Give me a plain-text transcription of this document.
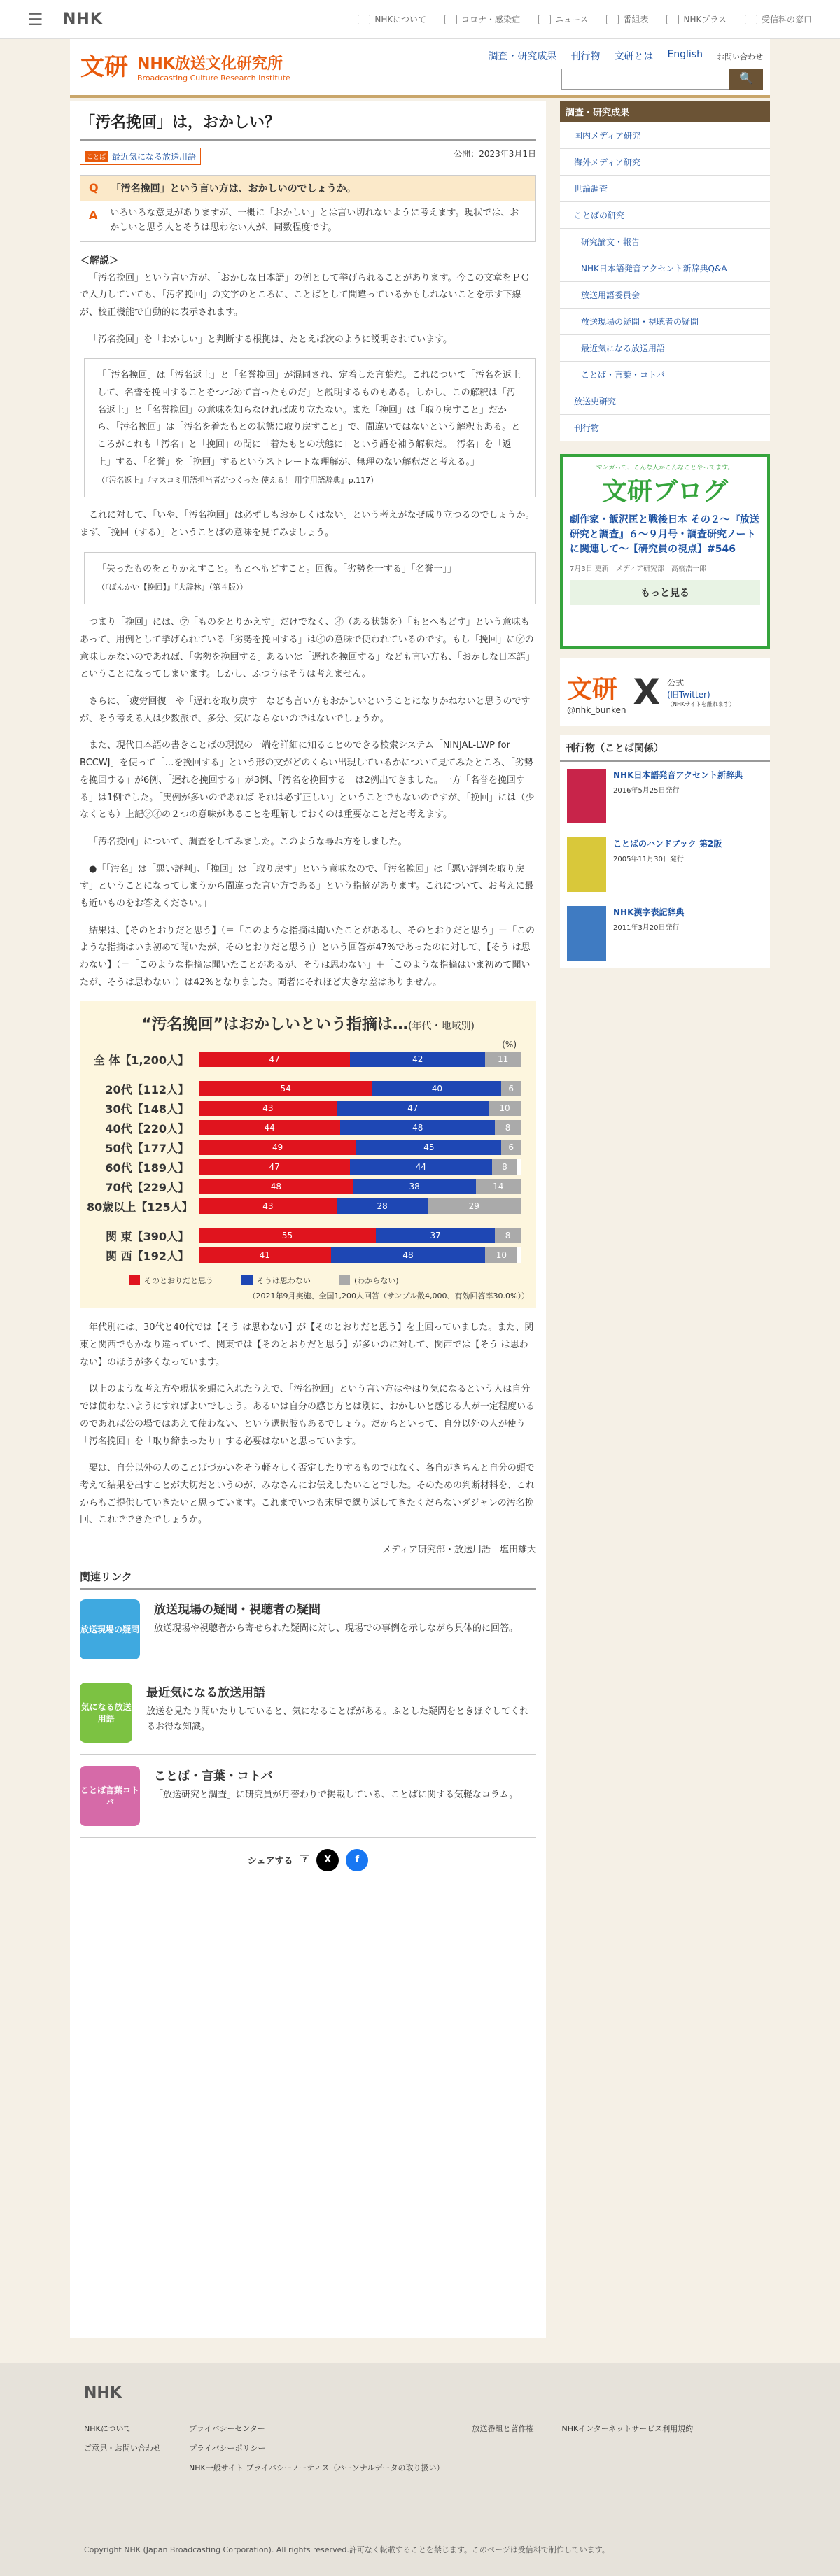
☰	NHK	NHKについて	コロナ・感染症	ニュース	番組表	NHKプラス	受信料の窓口
文研 NHK放送文化研究所
Broadcasting Culture Research Institute
調査・研究成果 刊行物 文研とは English お問い合わせ
🔍
「汚名挽回」は，おかしい？
ことば 最近気になる放送用語	公開：2023年3月1日
Q 「汚名挽回」という言い方は、おかしいのでしょうか。
A いろいろな意見がありますが、一概に「おかしい」とは言い切れないように考えます。現状では、おかしいと思う人とそうは思わない人が、同数程度です。
＜解説＞

「汚名挽回」という言い方が、「おかしな日本語」の例として挙げられることがあります。今この文章をＰＣで入力していても、「汚名挽回」の文字のところに、ことばとして間違っているかもしれないことを示す下線が、校正機能で自動的に表示されます。

「汚名挽回」を「おかしい」と判断する根拠は、たとえば次のように説明されています。

「「汚名挽回」は「汚名返上」と「名誉挽回」が混同され、定着した言葉だ。これについて「汚名を返上して、名誉を挽回することをつづめて言ったものだ」と説明するものもある。しかし、この解釈は「汚名返上」と「名誉挽回」の意味を知らなければ成り立たない。また「挽回」は「取り戻すこと」だから、「汚名挽回」は「汚名を着たもとの状態に取り戻すこと」で、間違いではないという解釈もある。ところがこれも「汚名」と「挽回」の間に「着たもとの状態に」という語を補う解釈だ。「汚名」を「返上」する、「名誉」を「挽回」するというストレートな理解が、無理のない解釈だと考える。」
（『汚名返上』『マスコミ用語担当者がつくった 使える！ 用字用語辞典』p.117）

これに対して、「いや、「汚名挽回」は必ずしもおかしくはない」という考えがなぜ成り立つるのでしょうか。まず、「挽回（する）」ということばの意味を見てみましょう。

「失ったものをとりかえすこと。もとへもどすこと。回復。「劣勢を一する」「名誉一」」
（『ばんかい【挽回】』『大辞林』（第４版））

つまり「挽回」には、㋐「ものをとりかえす」だけでなく、㋑（ある状態を）「もとへもどす」という意味もあって、用例として挙げられている「劣勢を挽回する」は㋑の意味で使われているのです。もし「挽回」に㋐の意味しかないのであれば、「劣勢を挽回する」あるいは「遅れを挽回する」なども言い方も、「おかしな日本語」ということになってしまいます。しかし、ふつうはそうは考えません。

さらに、「疲労回復」や「遅れを取り戻す」なども言い方もおかしいということになりかねないと思うのですが、そう考える人は少数派で、多分、気にならないのではないでしょうか。

また、現代日本語の書きことばの現況の一端を詳細に知ることのできる検索システム「NINJAL-LWP for BCCWJ」を使って「…を挽回する」という形の文がどのくらい出現しているかについて見てみたところ、「劣勢を挽回する」が6例、「遅れを挽回する」が3例、「汚名を挽回する」は2例出てきました。一方「名誉を挽回する」は1例でした。「実例が多いのであれば それは必ず正しい」ということでもないのですが、「挽回」には（少なくとも）上記㋐㋑の２つの意味があることを理解しておくのは重要なことだと考えます。

「汚名挽回」について、調査をしてみました。このような尋ね方をしました。

●「「汚名」は「悪い評判」、「挽回」は「取り戻す」という意味なので、「汚名挽回」は「悪い評判を取り戻す」ということになってしまうから間違った言い方である」という指摘があります。これについて、お考えに最も近いものをお答えください。」

結果は、【そのとおりだと思う】（＝「このような指摘は聞いたことがあるし、そのとおりだと思う」＋「このような指摘はいま初めて聞いたが、そのとおりだと思う」）という回答が47%であったのに対して、【そう は思わない】（＝「このような指摘は聞いたことがあるが、そうは思わない」＋「このような指摘はいま初めて聞いたが、そうは思わない」）は42%となりました。両者にそれほど大きな差はありません。

“汚名挽回”はおかしいという指摘は…(年代・地域別)
(%)
全 体【1,200人】	47	42	11
20代【112人】	54	40	6
30代【148人】	43	47	10
40代【220人】	44	48	8
50代【177人】	49	45	6
60代【189人】	47	44	8
70代【229人】	48	38	14
80歳以上【125人】	43	28	29
関 東【390人】	55	37	8
関 西【192人】	41	48	10
そのとおりだと思う	そうは思わない	(わからない)
（2021年9月実施、全国1,200人回答（サンプル数4,000、有効回答率30.0%））

年代別には、30代と40代では【そう は思わない】が【そのとおりだと思う】を上回っていました。また、関東と関西でもかなり違っていて、関東では【そのとおりだと思う】が多いのに対して、関西では【そう は思わない】のほうが多くなっています。

以上のような考え方や現状を頭に入れたうえで、「汚名挽回」という言い方はやはり気になるという人は自分では使わないようにすればよいでしょう。あるいは自分の感じ方とは別に、おかしいと感じる人が一定程度いるのであれば公の場ではあえて使わない、という選択肢もあるでしょう。だからといって、自分以外の人が使う「汚名挽回」を「取り締まったり」する必要はないと思っています。

要は、自分以外の人のことばづかいをそう軽々しく否定したりするものではなく、各自がきちんと自分の頭で考えて結果を出すことが大切だというのが、みなさんにお伝えしたいことでした。そのための判断材料を、これからもご提供していきたいと思っています。これまでいつも末尾で繰り返してきたくだらないダジャレの汚名挽回、これでできたでしょうか。

メディア研究部・放送用語　塩田雄大
関連リンク
放送現場の疑問
放送現場の疑問・視聴者の疑問

放送現場や視聴者から寄せられた疑問に対し、現場での事例を示しながら具体的に回答。

気になる放送用語
最近気になる放送用語

放送を見たり聞いたりしていると、気になることばがある。ふとした疑問をときほぐしてくれるお得な知識。

ことば言葉コトバ
ことば・言葉・コトバ

「放送研究と調査」に研究員が月替わりで掲載している、ことばに関する気軽なコラム。

シェアする	?	X	f
調査・研究成果
国内メディア研究
海外メディア研究
世論調査
ことばの研究
研究論文・報告
NHK日本語発音アクセント新辞典Q&A
放送用語委員会
放送現場の疑問・視聴者の疑問
最近気になる放送用語
ことば・言葉・コトバ
放送史研究
刊行物
マンガって、こんな人がこんなことやってます。
文研ブログ
劇作家・飯沢匡と戦後日本 その２～『放送研究と調査』６～９月号・調査研究ノートに関連して～【研究員の視点】#546
7月3日 更新　メディア研究部　高橋浩一郎
もっと見る
文研
@nhk_bunken X 公式
(旧Twitter)
（NHKサイトを離れます）
刊行物（ことば関係）
NHK日本語発音アクセント新辞典
2016年5月25日発行
ことばのハンドブック 第2版
2005年11月30日発行
NHK漢字表記辞典
2011年3月20日発行
NHK
NHKについて
ご意見・お問い合わせ
プライバシーセンター
プライバシーポリシー
NHK一般サイト プライバシーノーティス（パーソナルデータの取り扱い）
放送番組と著作権	NHKインターネットサービス利用規約
Copyright NHK (Japan Broadcasting Corporation). All rights reserved.許可なく転載することを禁じます。このページは受信料で制作しています。
